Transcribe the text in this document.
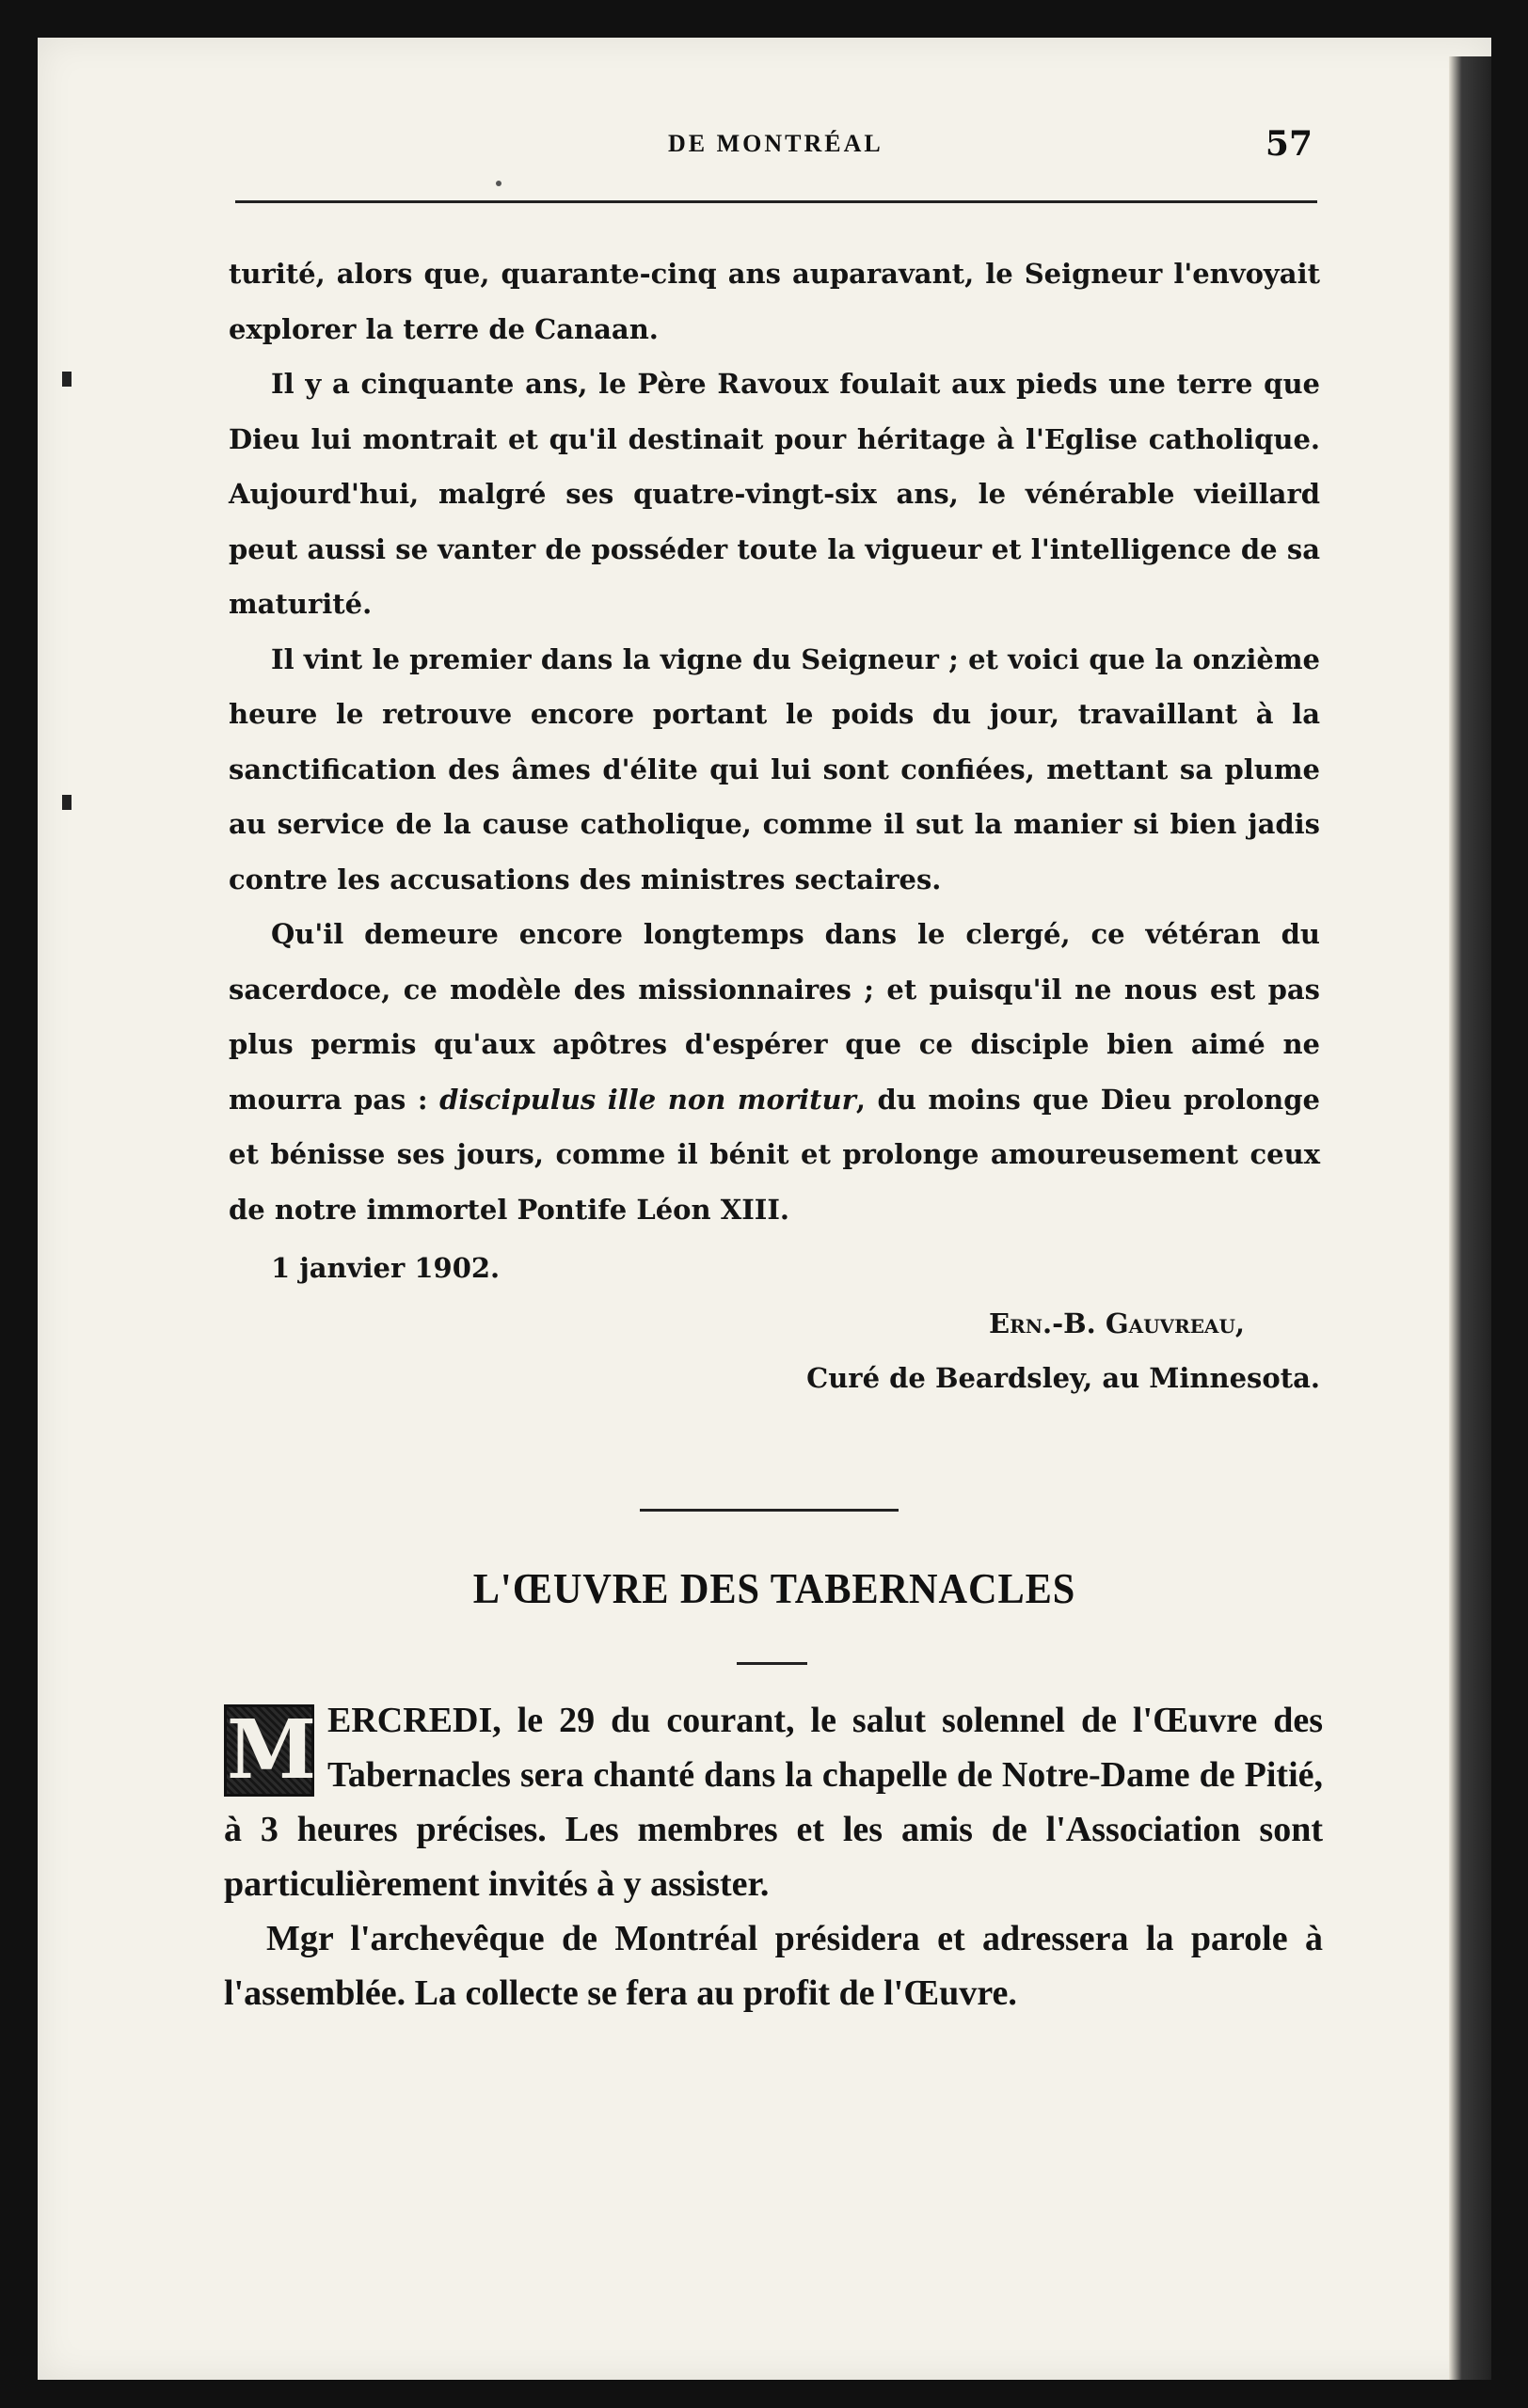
DE MONTRÉAL	57

turité, alors que, quarante-cinq ans auparavant, le Seigneur l'envoyait explorer la terre de Canaan.

Il y a cinquante ans, le Père Ravoux foulait aux pieds une terre que Dieu lui montrait et qu'il destinait pour héritage à l'Eglise catholique. Aujourd'hui, malgré ses quatre-vingt-six ans, le vénérable vieillard peut aussi se vanter de posséder toute la vigueur et l'intelligence de sa maturité.

Il vint le premier dans la vigne du Seigneur ; et voici que la onzième heure le retrouve encore portant le poids du jour, travaillant à la sanctification des âmes d'élite qui lui sont confiées, mettant sa plume au service de la cause catholique, comme il sut la manier si bien jadis contre les accusations des ministres sectaires.

Qu'il demeure encore longtemps dans le clergé, ce vétéran du sacerdoce, ce modèle des missionnaires ; et puisqu'il ne nous est pas plus permis qu'aux apôtres d'espérer que ce disciple bien aimé ne mourra pas : discipulus ille non moritur, du moins que Dieu prolonge et bénisse ses jours, comme il bénit et prolonge amoureusement ceux de notre immortel Pontife Léon XIII.

1 janvier 1902.

Ern.-B. Gauvreau,

Curé de Beardsley, au Minnesota.

L'ŒUVRE DES TABERNACLES

M ERCREDI, le 29 du courant, le salut solennel de l'Œuvre des Tabernacles sera chanté dans la chapelle de Notre-Dame de Pitié, à 3 heures précises. Les membres et les amis de l'Association sont particulièrement invités à y assister.

Mgr l'archevêque de Montréal présidera et adressera la parole à l'assemblée. La collecte se fera au profit de l'Œuvre.
